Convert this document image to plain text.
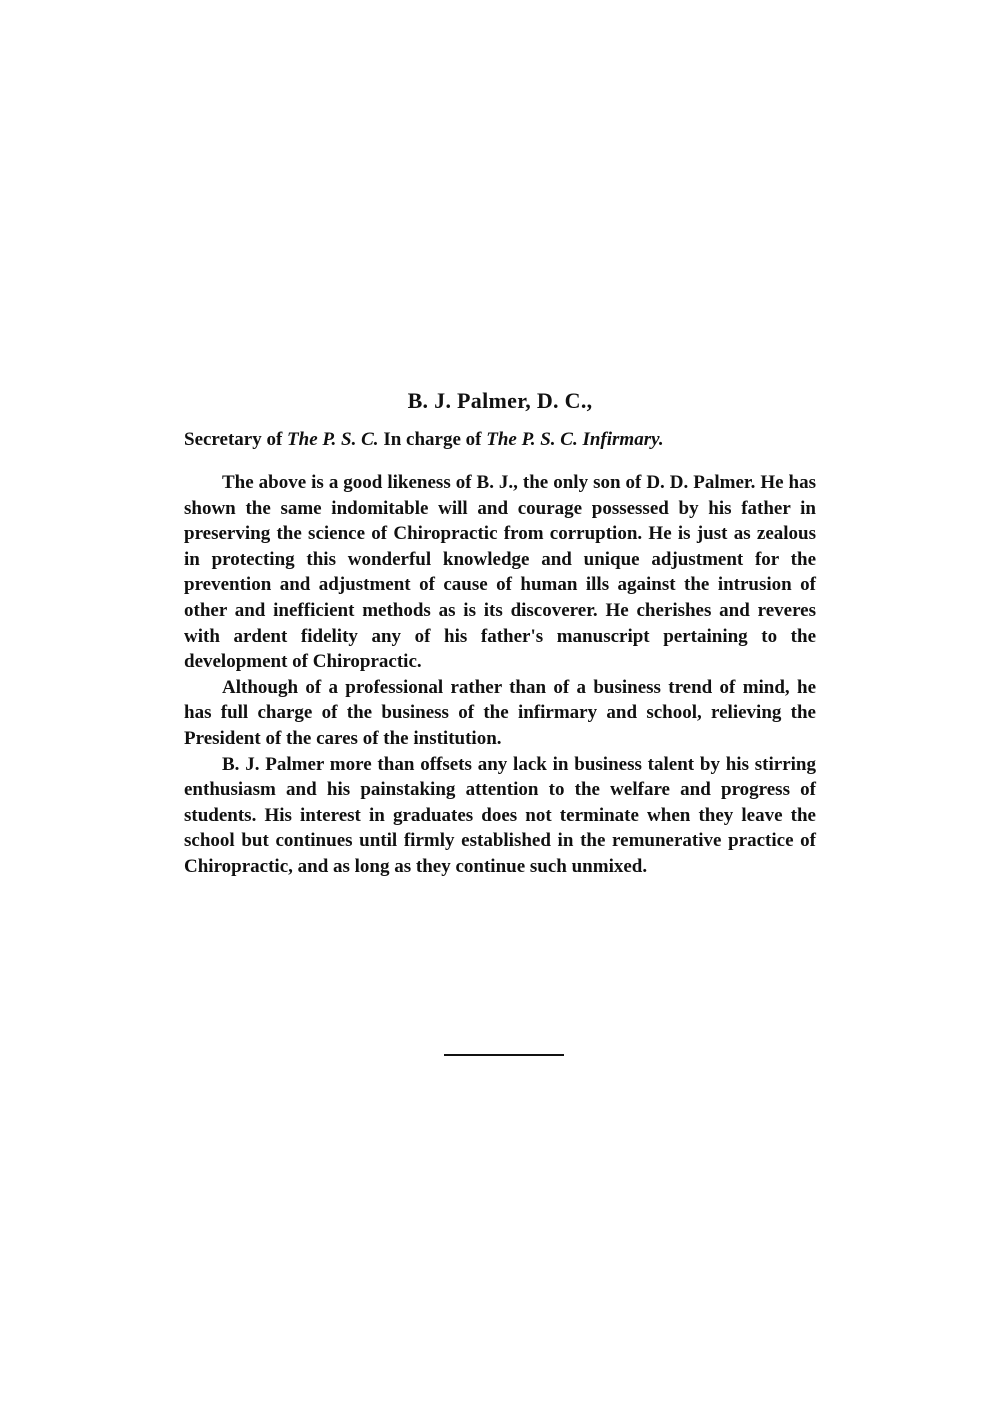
B. J. Palmer, D. C.,
Secretary of The P. S. C. In charge of The P. S. C. Infirmary.

The above is a good likeness of B. J., the only son of D. D. Palmer. He has shown the same indomitable will and courage possessed by his father in preserving the science of Chiropractic from corruption. He is just as zealous in protecting this wonderful knowledge and unique adjustment for the prevention and adjustment of cause of human ills against the intrusion of other and inefficient methods as is its discoverer. He cherishes and reveres with ardent fidelity any of his father's manuscript pertaining to the development of Chiropractic.

Although of a professional rather than of a business trend of mind, he has full charge of the business of the infirmary and school, relieving the President of the cares of the institution.

B. J. Palmer more than offsets any lack in business talent by his stirring enthusiasm and his painstaking attention to the welfare and progress of students. His interest in graduates does not terminate when they leave the school but continues until firmly established in the remunerative practice of Chiropractic, and as long as they continue such unmixed.
